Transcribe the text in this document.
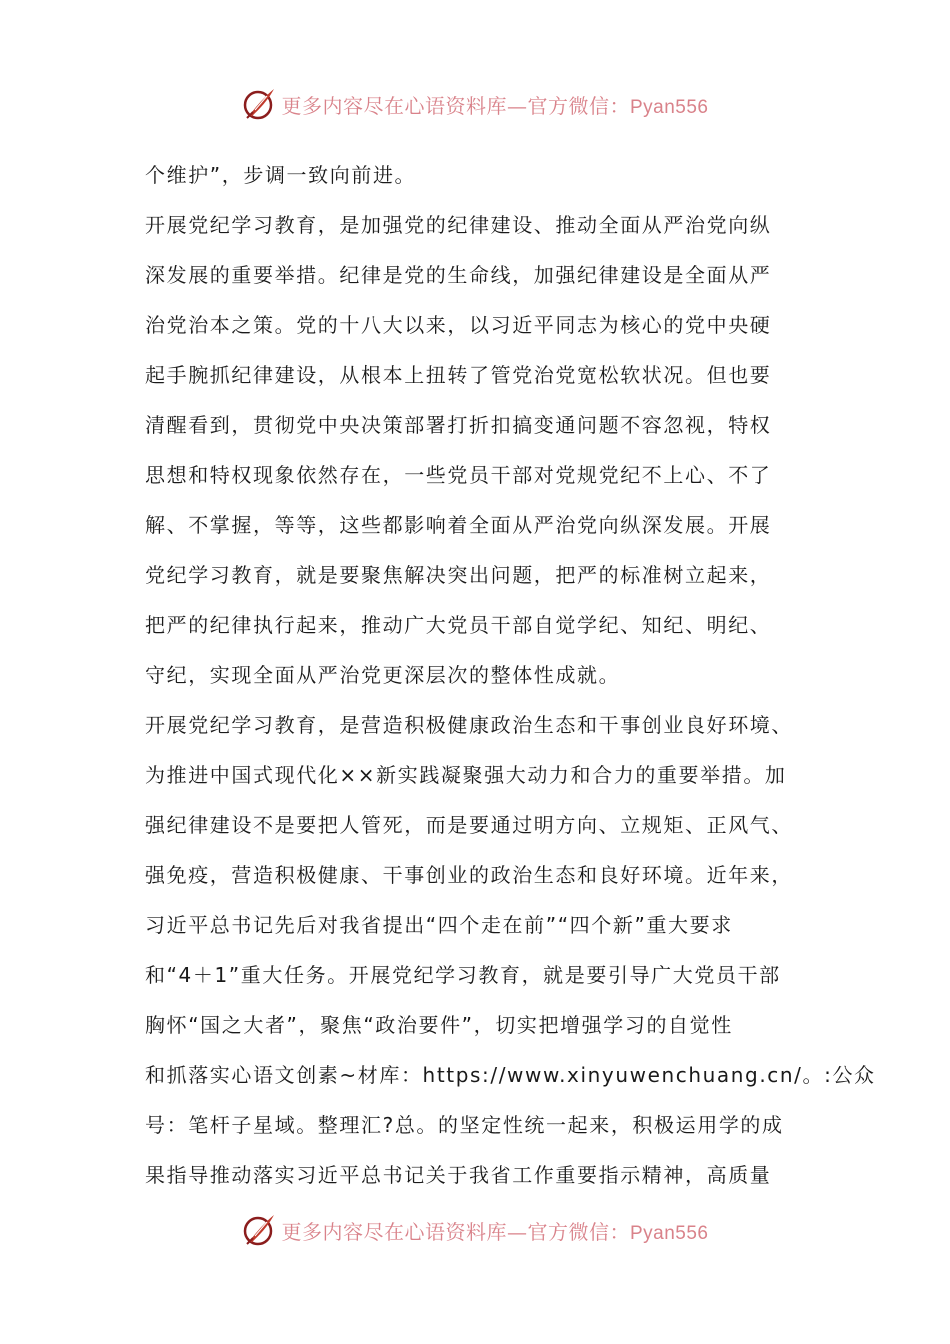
更多内容尽在心语资料库—官方微信：Pyan556
个维护”，步调一致向前进。
开展党纪学习教育，是加强党的纪律建设、推动全面从严治党向纵
深发展的重要举措。纪律是党的生命线，加强纪律建设是全面从严
治党治本之策。党的十八大以来，以习近平同志为核心的党中央硬
起手腕抓纪律建设，从根本上扭转了管党治党宽松软状况。但也要
清醒看到，贯彻党中央决策部署打折扣搞变通问题不容忽视，特权
思想和特权现象依然存在，一些党员干部对党规党纪不上心、不了
解、不掌握，等等，这些都影响着全面从严治党向纵深发展。开展
党纪学习教育，就是要聚焦解决突出问题，把严的标准树立起来，
把严的纪律执行起来，推动广大党员干部自觉学纪、知纪、明纪、
守纪，实现全面从严治党更深层次的整体性成就。
开展党纪学习教育，是营造积极健康政治生态和干事创业良好环境、
为推进中国式现代化××新实践凝聚强大动力和合力的重要举措。加
强纪律建设不是要把人管死，而是要通过明方向、立规矩、正风气、
强免疫，营造积极健康、干事创业的政治生态和良好环境。近年来，
习近平总书记先后对我省提出“四个走在前”“四个新”重大要求
和“4＋1”重大任务。开展党纪学习教育，就是要引导广大党员干部
胸怀“国之大者”，聚焦“政治要件”，切实把增强学习的自觉性
和抓落实心语文创素~材库：https://www.xinyuwenchuang.cn/。:公众
号：笔杆子星域。整理汇?总。的坚定性统一起来，积极运用学的成
果指导推动落实习近平总书记关于我省工作重要指示精神，高质量
更多内容尽在心语资料库—官方微信：Pyan556
